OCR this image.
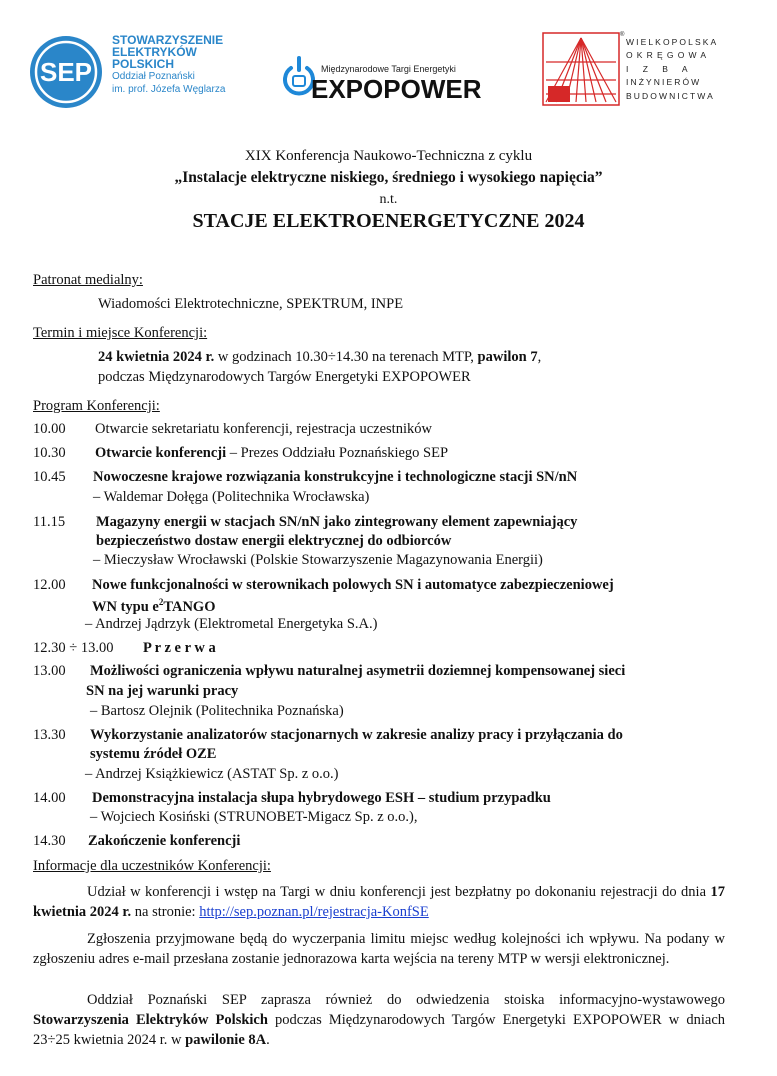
SEP
STOWARZYSZENIE
ELEKTRYKÓW
POLSKICH
Oddział Poznański
im. prof. Józefa Węglarza
Międzynarodowe Targi Energetyki
EXPOPOWER
®
WIELKOPOLSKA
OKRĘGOWA
I Z B A
INŻYNIERÓW
BUDOWNICTWA
XIX Konferencja Naukowo-Techniczna z cyklu
„Instalacje elektryczne niskiego, średniego i wysokiego napięcia”
n.t.
STACJE ELEKTROENERGETYCZNE 2024
Patronat medialny:
Wiadomości Elektrotechniczne, SPEKTRUM, INPE
Termin i miejsce Konferencji:
24 kwietnia 2024 r. w godzinach 10.30÷14.30 na terenach MTP, pawilon 7,
podczas Międzynarodowych Targów Energetyki EXPOPOWER
Program Konferencji:
10.00 Otwarcie sekretariatu konferencji, rejestracja uczestników
10.30 Otwarcie konferencji – Prezes Oddziału Poznańskiego SEP
10.45 Nowoczesne krajowe rozwiązania konstrukcyjne i technologiczne stacji SN/nN
– Waldemar Dołęga (Politechnika Wrocławska)
11.15 Magazyny energii w stacjach SN/nN jako zintegrowany element zapewniający
bezpieczeństwo dostaw energii elektrycznej do odbiorców
– Mieczysław Wrocławski (Polskie Stowarzyszenie Magazynowania Energii)
12.00 Nowe funkcjonalności w sterownikach polowych SN i automatyce zabezpieczeniowej
WN typu $e^2TANGO$
– Andrzej Jądrzyk (Elektrometal Energetyka S.A.)
12.30 ÷ 13.00 P r z e r w a
13.00 Możliwości ograniczenia wpływu naturalnej asymetrii doziemnej kompensowanej sieci
SN na jej warunki pracy
– Bartosz Olejnik (Politechnika Poznańska)
13.30 Wykorzystanie analizatorów stacjonarnych w zakresie analizy pracy i przyłączania do
systemu źródeł OZE
– Andrzej Książkiewicz (ASTAT Sp. z o.o.)
14.00 Demonstracyjna instalacja słupa hybrydowego ESH – studium przypadku
– Wojciech Kosiński (STRUNOBET-Migacz Sp. z o.o.),
14.30 Zakończenie konferencji
Informacje dla uczestników Konferencji:
Udział w konferencji i wstęp na Targi w dniu konferencji jest bezpłatny po dokonaniu rejestracji do dnia 17 kwietnia 2024 r. na stronie: http://sep.poznan.pl/rejestracja-KonfSE
Zgłoszenia przyjmowane będą do wyczerpania limitu miejsc według kolejności ich wpływu. Na podany w zgłoszeniu adres e-mail przesłana zostanie jednorazowa karta wejścia na tereny MTP w wersji elektronicznej.
Oddział Poznański SEP zaprasza również do odwiedzenia stoiska informacyjno-wystawowego Stowarzyszenia Elektryków Polskich podczas Międzynarodowych Targów Energetyki EXPOPOWER w dniach 23÷25 kwietnia 2024 r. w pawilonie 8A.
